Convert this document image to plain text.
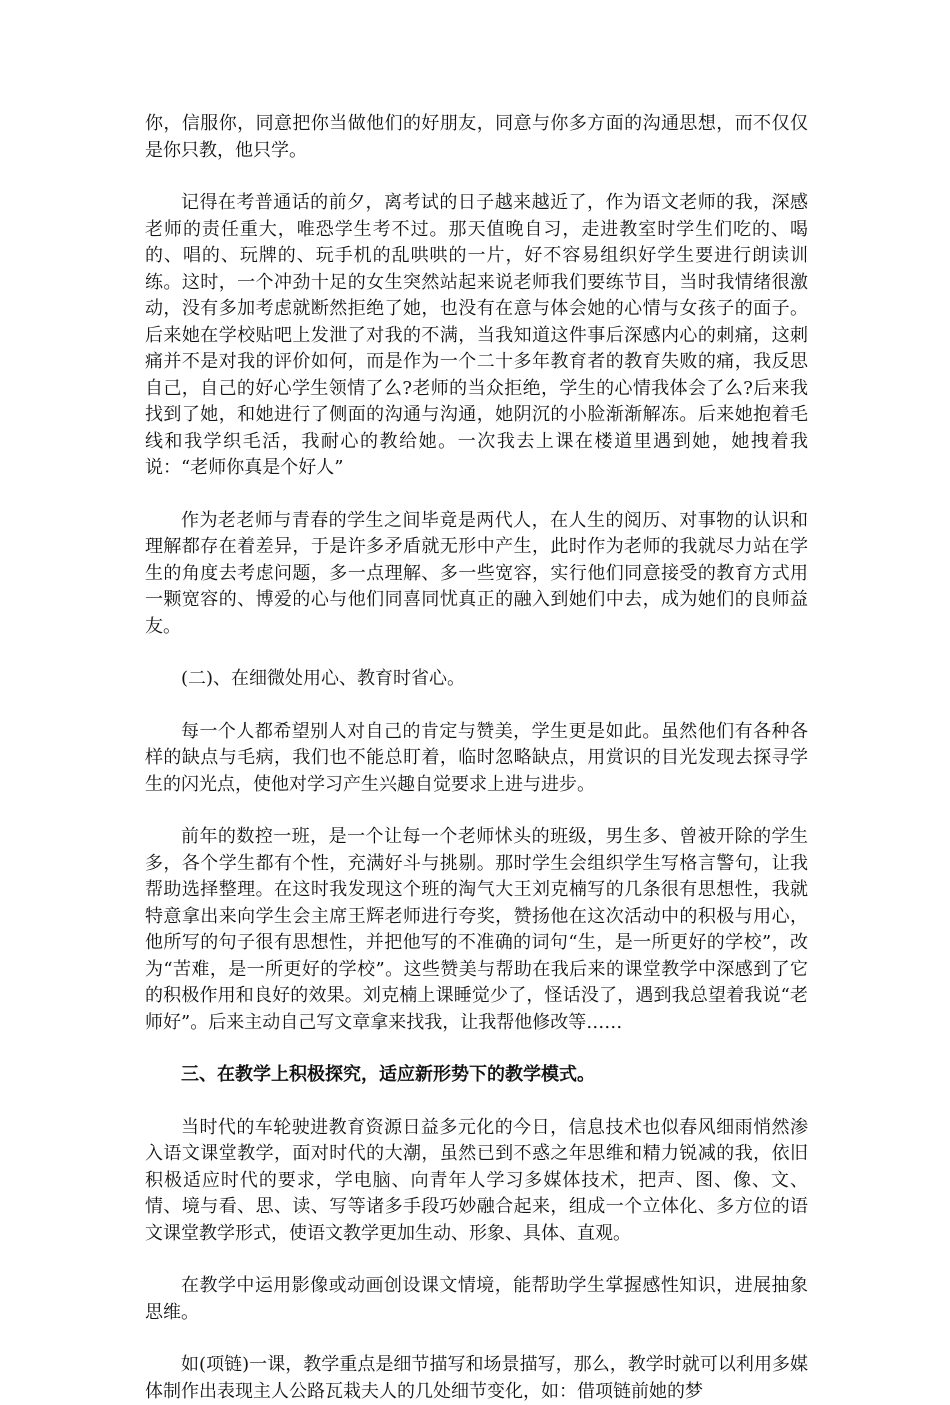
你，信服你，同意把你当做他们的好朋友，同意与你多方面的沟通思想，而不仅仅是你只教，他只学。

记得在考普通话的前夕，离考试的日子越来越近了，作为语文老师的我，深感老师的责任重大，唯恐学生考不过。那天值晚自习，走进教室时学生们吃的、喝的、唱的、玩牌的、玩手机的乱哄哄的一片，好不容易组织好学生要进行朗读训练。这时，一个冲劲十足的女生突然站起来说老师我们要练节目，当时我情绪很激动，没有多加考虑就断然拒绝了她，也没有在意与体会她的心情与女孩子的面子。后来她在学校贴吧上发泄了对我的不满，当我知道这件事后深感内心的刺痛，这刺痛并不是对我的评价如何，而是作为一个二十多年教育者的教育失败的痛，我反思自己，自己的好心学生领情了么?老师的当众拒绝，学生的心情我体会了么?后来我找到了她，和她进行了侧面的沟通与沟通，她阴沉的小脸渐渐解冻。后来她抱着毛线和我学织毛活，我耐心的教给她。一次我去上课在楼道里遇到她，她拽着我说：“老师你真是个好人”

作为老老师与青春的学生之间毕竟是两代人，在人生的阅历、对事物的认识和理解都存在着差异，于是许多矛盾就无形中产生，此时作为老师的我就尽力站在学生的角度去考虑问题，多一点理解、多一些宽容，实行他们同意接受的教育方式用一颗宽容的、博爱的心与他们同喜同忧真正的融入到她们中去，成为她们的良师益友。

(二)、在细微处用心、教育时省心。

每一个人都希望别人对自己的肯定与赞美，学生更是如此。虽然他们有各种各样的缺点与毛病，我们也不能总盯着，临时忽略缺点，用赏识的目光发现去探寻学生的闪光点，使他对学习产生兴趣自觉要求上进与进步。

前年的数控一班，是一个让每一个老师怵头的班级，男生多、曾被开除的学生多，各个学生都有个性，充满好斗与挑剔。那时学生会组织学生写格言警句，让我帮助选择整理。在这时我发现这个班的淘气大王刘克楠写的几条很有思想性，我就特意拿出来向学生会主席王辉老师进行夸奖，赞扬他在这次活动中的积极与用心，他所写的句子很有思想性，并把他写的不准确的词句“生，是一所更好的学校”，改为“苦难，是一所更好的学校”。这些赞美与帮助在我后来的课堂教学中深感到了它的积极作用和良好的效果。刘克楠上课睡觉少了，怪话没了，遇到我总望着我说“老师好”。后来主动自己写文章拿来找我，让我帮他修改等……

三、在教学上积极探究，适应新形势下的教学模式。

当时代的车轮驶进教育资源日益多元化的今日，信息技术也似春风细雨悄然渗入语文课堂教学，面对时代的大潮，虽然已到不惑之年思维和精力锐减的我，依旧积极适应时代的要求，学电脑、向青年人学习多媒体技术，把声、图、像、文、情、境与看、思、读、写等诸多手段巧妙融合起来，组成一个立体化、多方位的语文课堂教学形式，使语文教学更加生动、形象、具体、直观。

在教学中运用影像或动画创设课文情境，能帮助学生掌握感性知识，进展抽象思维。

如(项链)一课，教学重点是细节描写和场景描写，那么，教学时就可以利用多媒体制作出表现主人公路瓦栽夫人的几处细节变化，如：借项链前她的梦
